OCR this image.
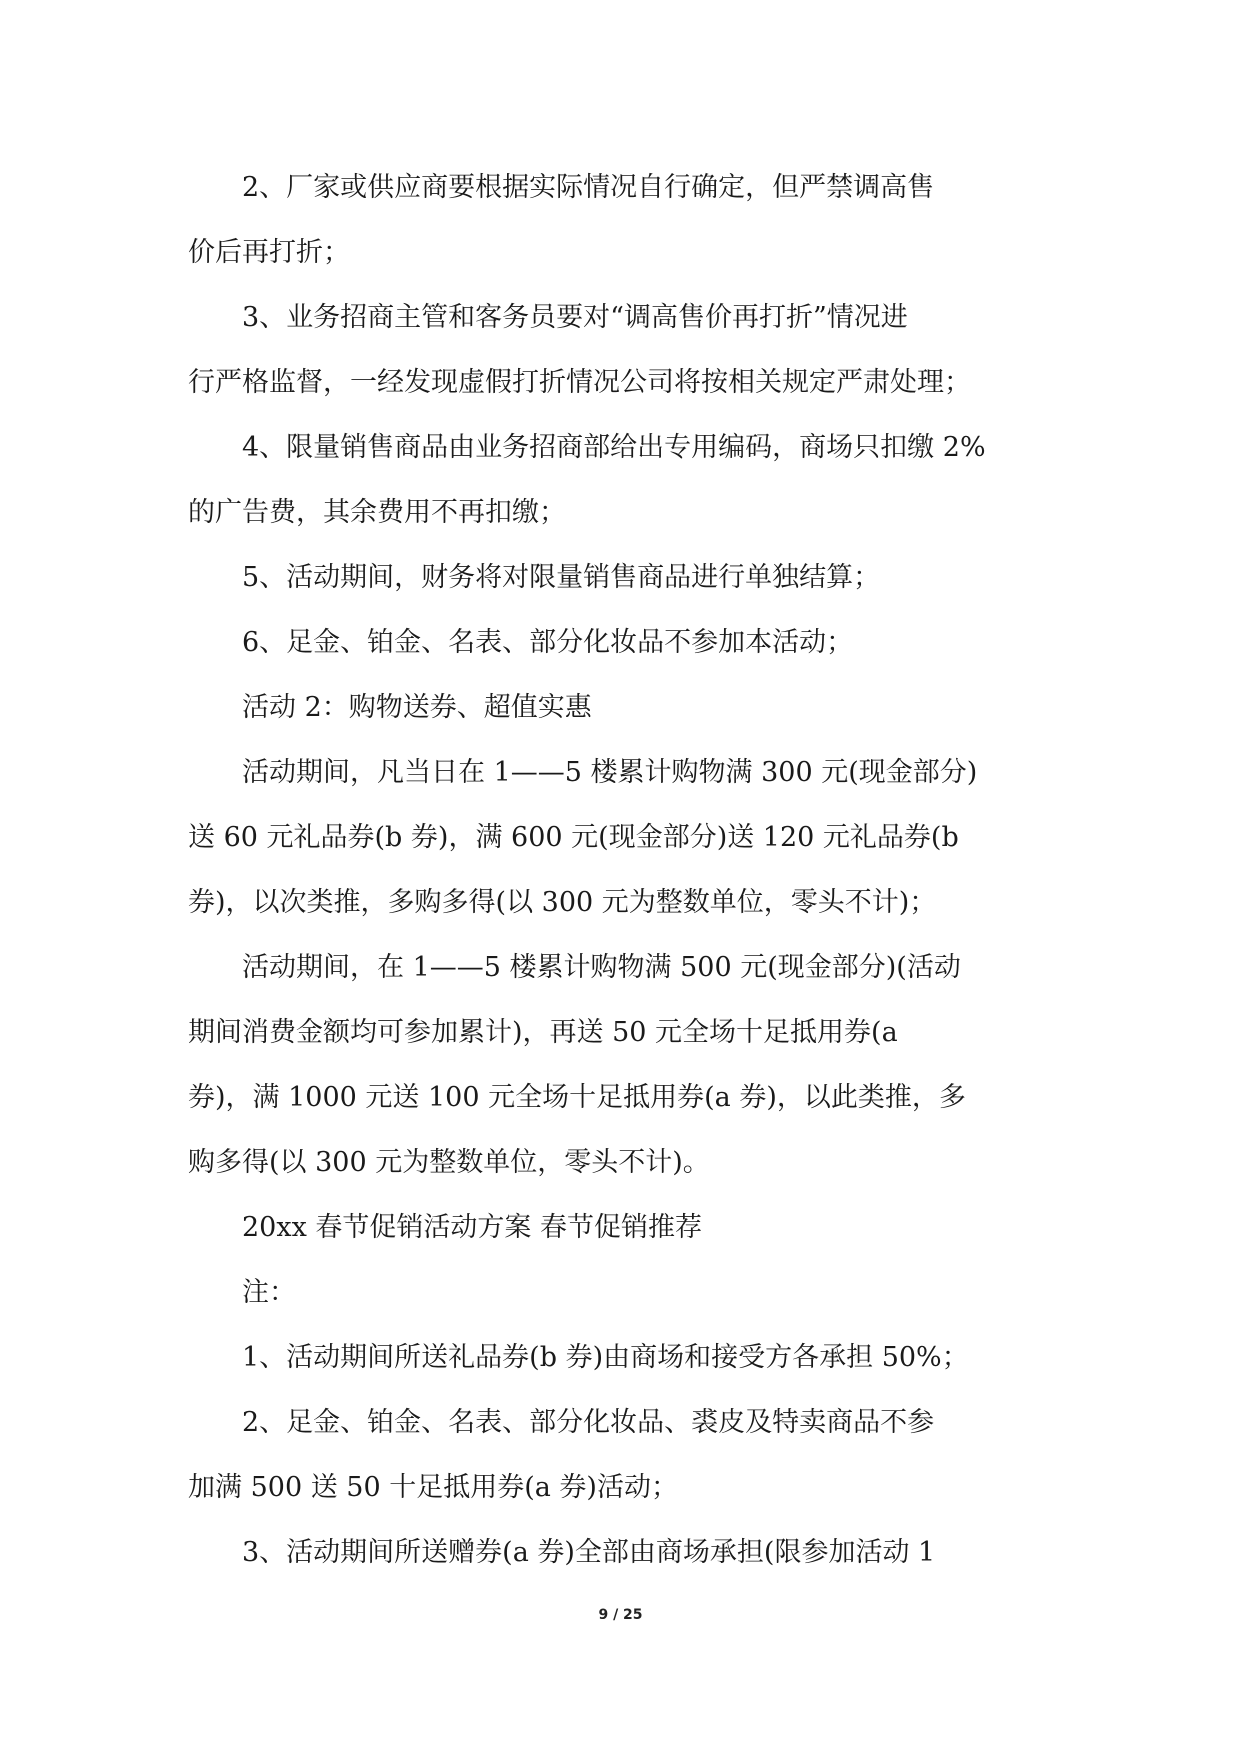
2、厂家或供应商要根据实际情况自行确定，但严禁调高售
价后再打折；
3、业务招商主管和客务员要对“调高售价再打折”情况进
行严格监督，一经发现虚假打折情况公司将按相关规定严肃处理；
4、限量销售商品由业务招商部给出专用编码，商场只扣缴 2%
的广告费，其余费用不再扣缴；
5、活动期间，财务将对限量销售商品进行单独结算；
6、足金、铂金、名表、部分化妆品不参加本活动；
活动 2：购物送券、超值实惠
活动期间，凡当日在 1——5 楼累计购物满 300 元(现金部分)
送 60 元礼品券(b 券)，满 600 元(现金部分)送 120 元礼品券(b
券)，以次类推，多购多得(以 300 元为整数单位，零头不计)；
活动期间，在 1——5 楼累计购物满 500 元(现金部分)(活动
期间消费金额均可参加累计)，再送 50 元全场十足抵用券(a
券)，满 1000 元送 100 元全场十足抵用券(a 券)，以此类推，多
购多得(以 300 元为整数单位，零头不计)。
20xx 春节促销活动方案 春节促销推荐
注：
1、活动期间所送礼品券(b 券)由商场和接受方各承担 50%；
2、足金、铂金、名表、部分化妆品、裘皮及特卖商品不参
加满 500 送 50 十足抵用券(a 券)活动；
3、活动期间所送赠券(a 券)全部由商场承担(限参加活动 1
9 / 25
